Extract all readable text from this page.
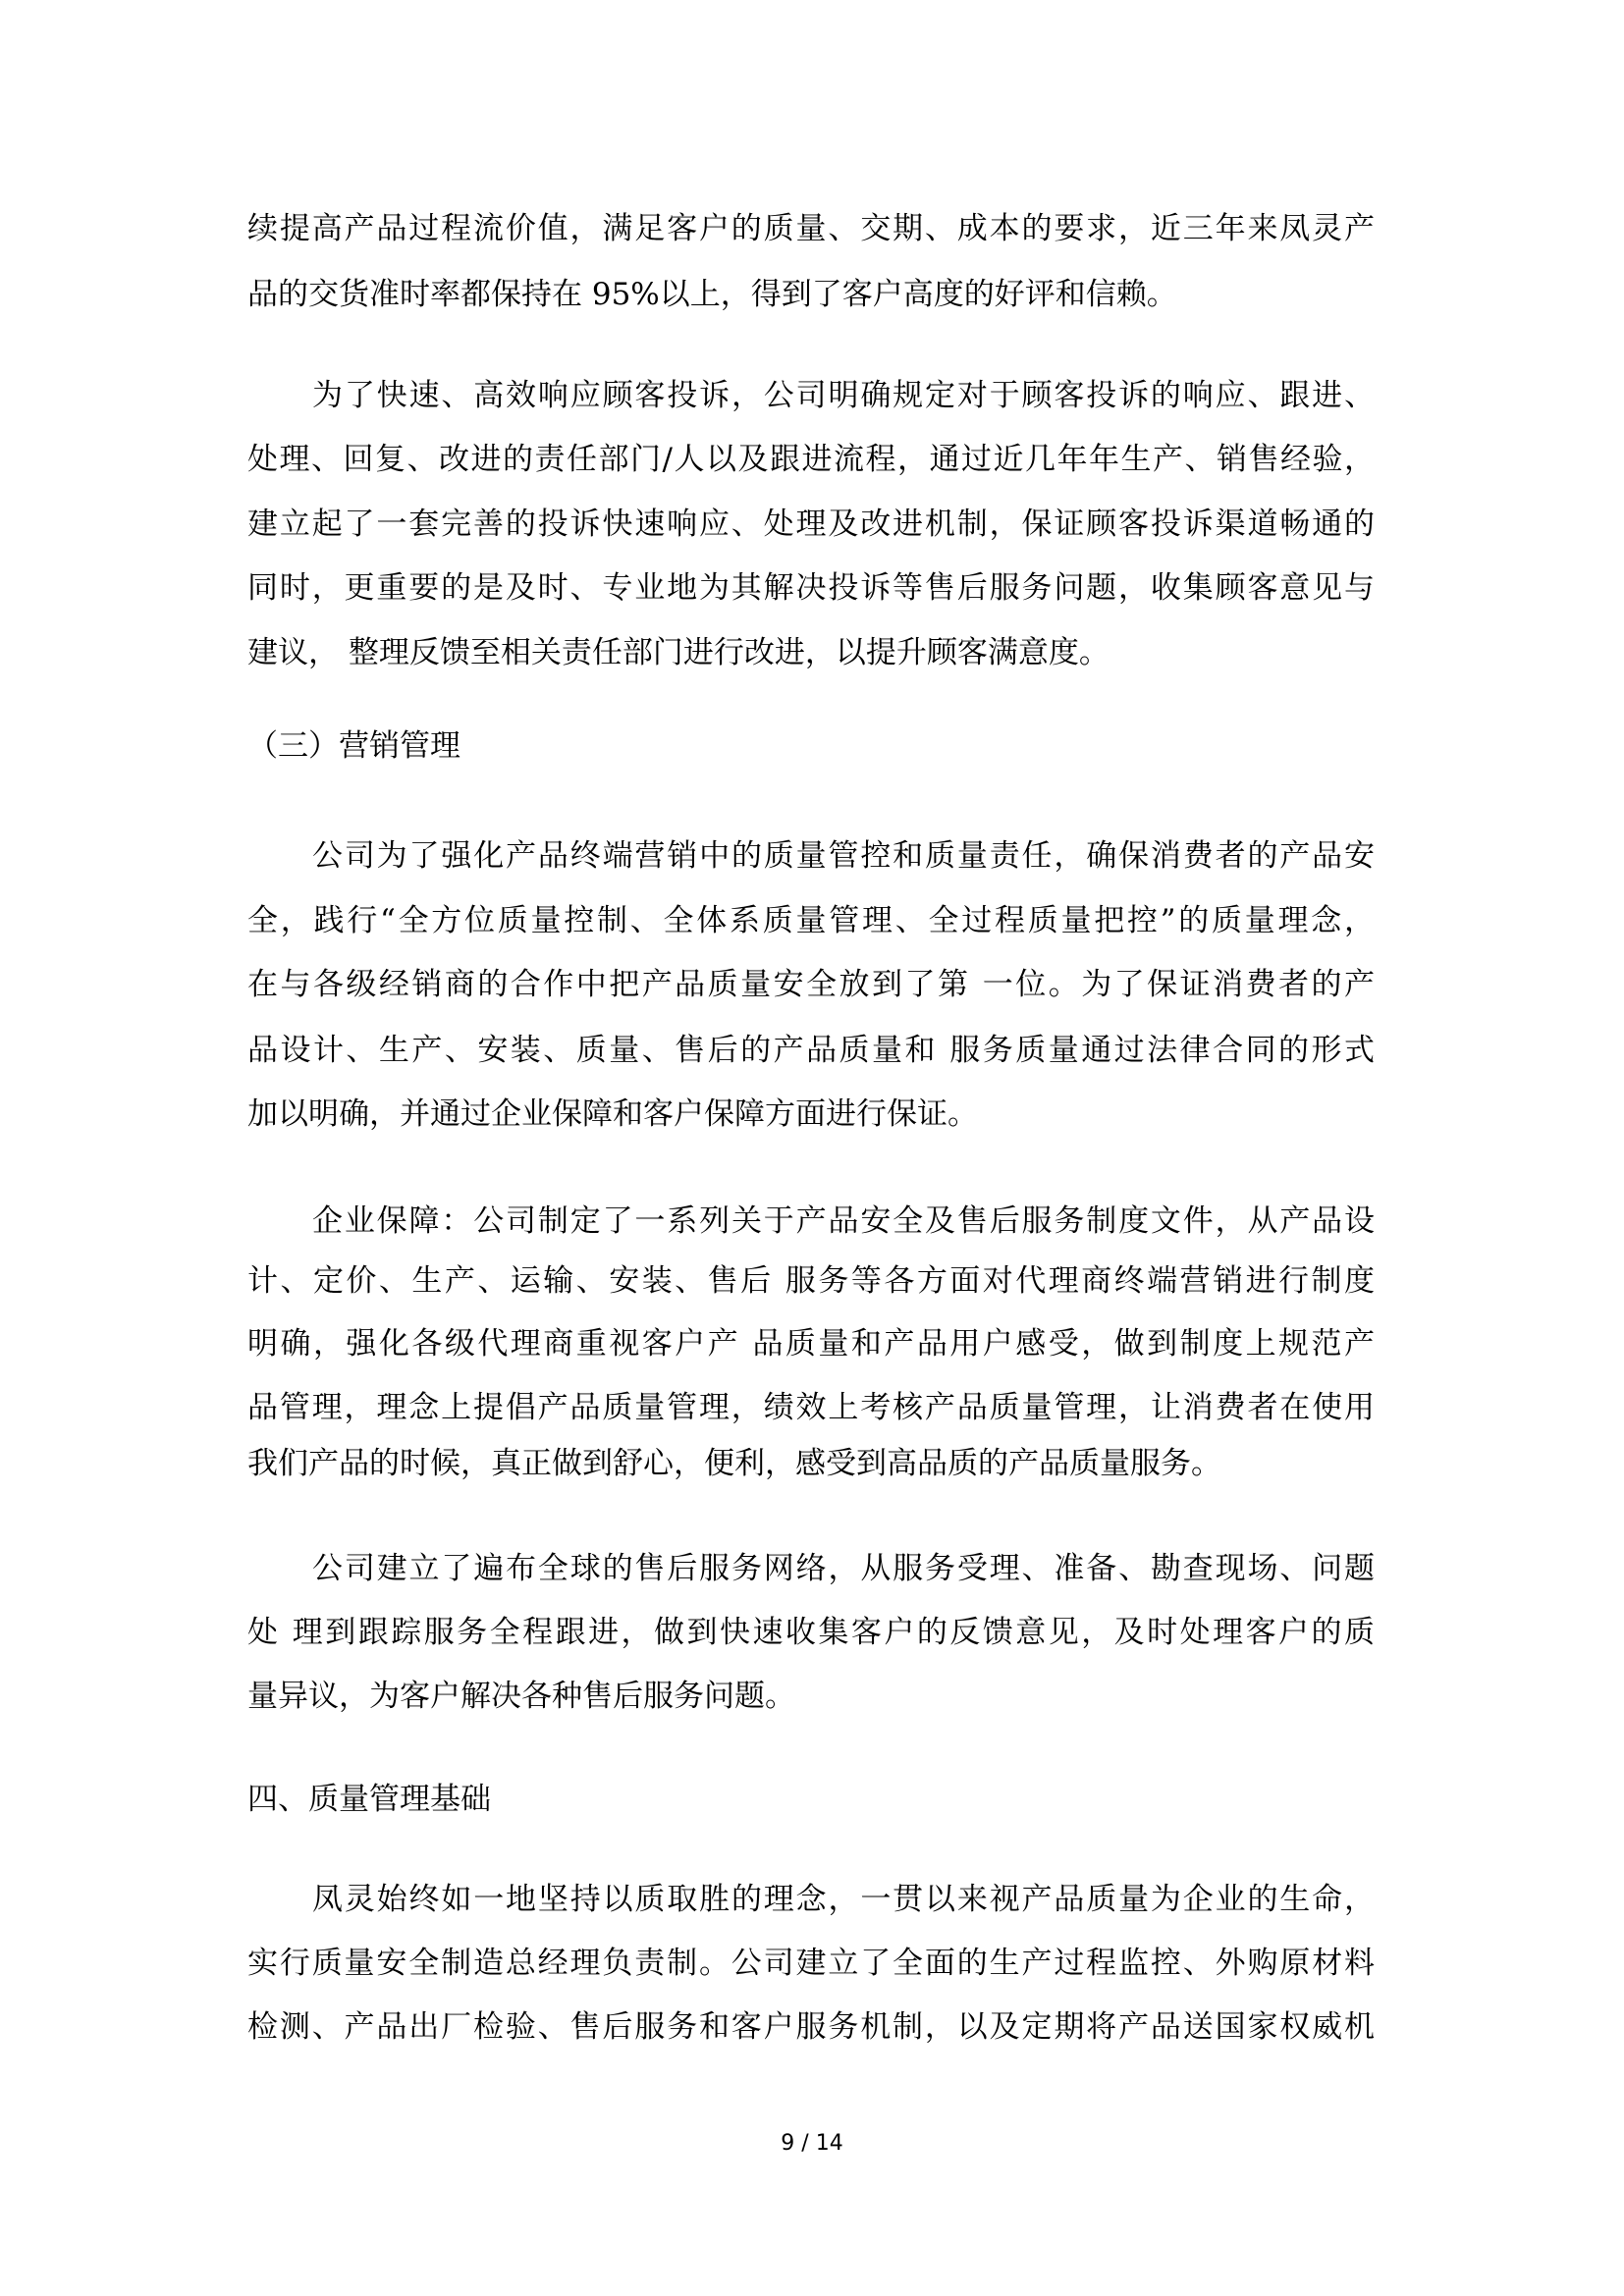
续提高产品过程流价值，满足客户的质量、交期、成本的要求，近三年来凤灵产
品的交货准时率都保持在 95%以上，得到了客户高度的好评和信赖。
为了快速、高效响应顾客投诉，公司明确规定对于顾客投诉的响应、跟进、
处理、回复、改进的责任部门/人以及跟进流程，通过近几年年生产、销售经验，
建立起了一套完善的投诉快速响应、处理及改进机制，保证顾客投诉渠道畅通的
同时，更重要的是及时、专业地为其解决投诉等售后服务问题，收集顾客意见与
建议， 整理反馈至相关责任部门进行改进，以提升顾客满意度。
（三）营销管理
公司为了强化产品终端营销中的质量管控和质量责任，确保消费者的产品安
全，践行“全方位质量控制、全体系质量管理、全过程质量把控”的质量理念，
在与各级经销商的合作中把产品质量安全放到了第 一位。为了保证消费者的产
品设计、生产、安装、质量、售后的产品质量和 服务质量通过法律合同的形式
加以明确，并通过企业保障和客户保障方面进行保证。
企业保障：公司制定了一系列关于产品安全及售后服务制度文件，从产品设
计、定价、生产、运输、安装、售后 服务等各方面对代理商终端营销进行制度
明确，强化各级代理商重视客户产 品质量和产品用户感受，做到制度上规范产
品管理，理念上提倡产品质量管理，绩效上考核产品质量管理，让消费者在使用
我们产品的时候，真正做到舒心，便利，感受到高品质的产品质量服务。
公司建立了遍布全球的售后服务网络，从服务受理、准备、勘查现场、问题
处 理到跟踪服务全程跟进，做到快速收集客户的反馈意见，及时处理客户的质
量异议，为客户解决各种售后服务问题。
四、质量管理基础
凤灵始终如一地坚持以质取胜的理念，一贯以来视产品质量为企业的生命，
实行质量安全制造总经理负责制。公司建立了全面的生产过程监控、外购原材料
检测、产品出厂检验、售后服务和客户服务机制，以及定期将产品送国家权威机
9 / 14
